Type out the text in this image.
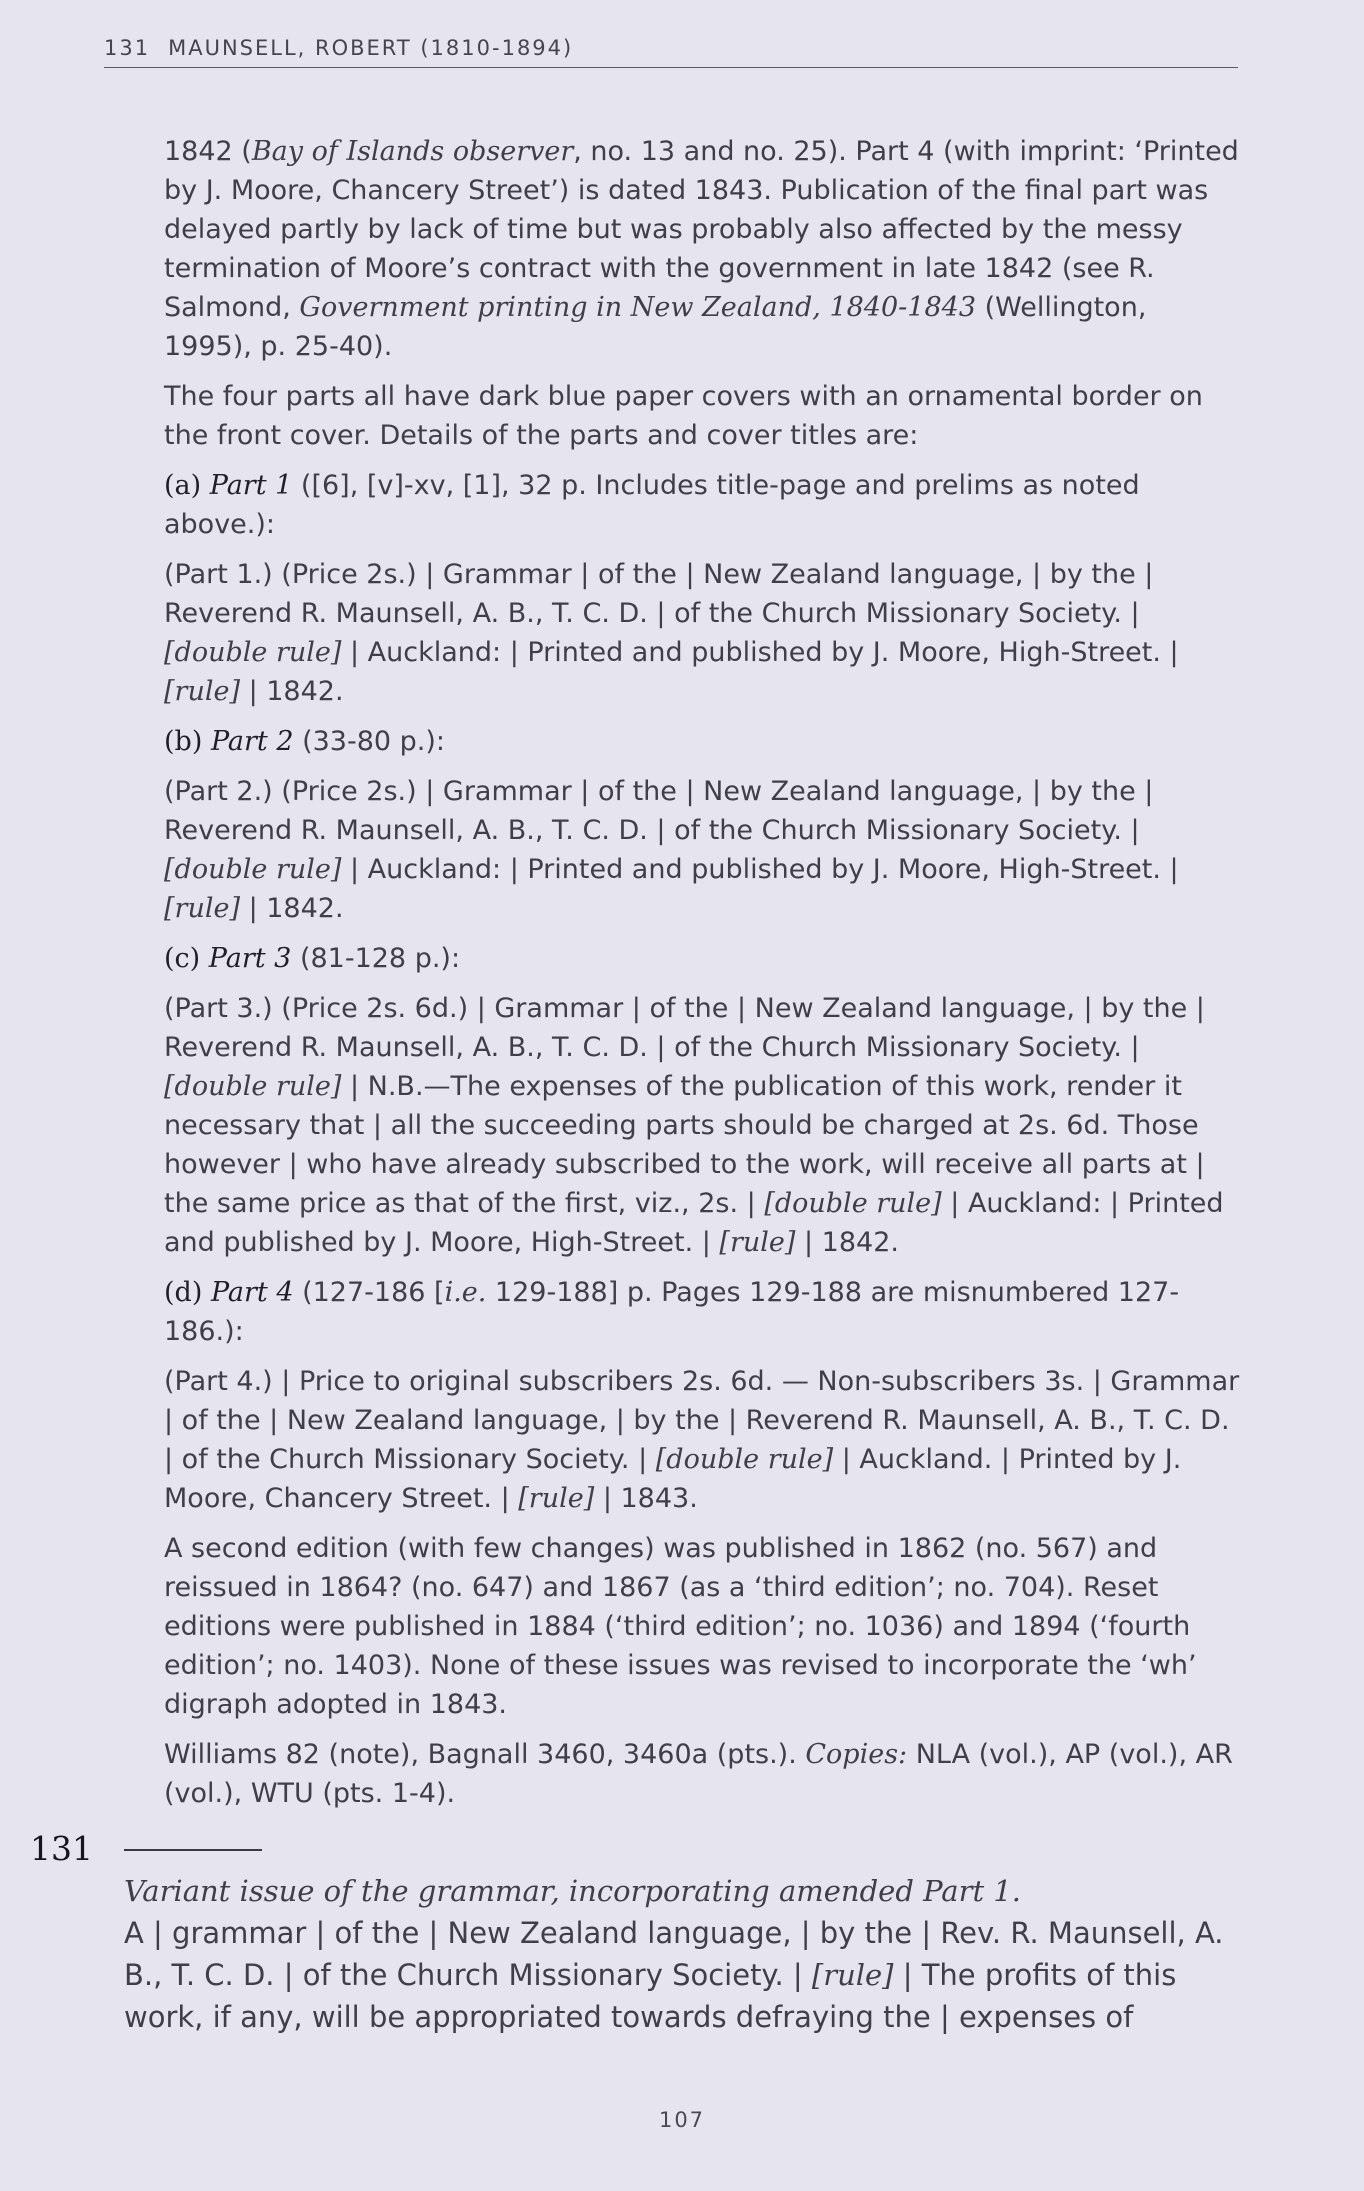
131 MAUNSELL, ROBERT (1810-1894)

1842 (Bay of Islands observer, no. 13 and no. 25). Part 4 (with imprint: ‘Printed by J. Moore, Chancery Street’) is dated 1843. Publication of the final part was delayed partly by lack of time but was probably also affected by the messy termination of Moore’s contract with the government in late 1842 (see R. Salmond, Government printing in New Zealand, 1840-1843 (Wellington, 1995), p. 25-40).

The four parts all have dark blue paper covers with an ornamental border on the front cover. Details of the parts and cover titles are:

(a) Part 1 ([6], [v]-xv, [1], 32 p. Includes title-page and prelims as noted above.):

(Part 1.) (Price 2s.) | Grammar | of the | New Zealand language, | by the | Reverend R. Maunsell, A. B., T. C. D. | of the Church Missionary Society. | [double rule] | Auckland: | Printed and published by J. Moore, High-Street. | [rule] | 1842.

(b) Part 2 (33-80 p.):

(Part 2.) (Price 2s.) | Grammar | of the | New Zealand language, | by the | Reverend R. Maunsell, A. B., T. C. D. | of the Church Missionary Society. | [double rule] | Auckland: | Printed and published by J. Moore, High-Street. | [rule] | 1842.

(c) Part 3 (81-128 p.):

(Part 3.) (Price 2s. 6d.) | Grammar | of the | New Zealand language, | by the | Reverend R. Maunsell, A. B., T. C. D. | of the Church Missionary Society. | [double rule] | N.B.—The expenses of the publication of this work, render it necessary that | all the succeeding parts should be charged at 2s. 6d. Those however | who have already subscribed to the work, will receive all parts at | the same price as that of the first, viz., 2s. | [double rule] | Auckland: | Printed and published by J. Moore, High-Street. | [rule] | 1842.

(d) Part 4 (127-186 [i.e. 129-188] p. Pages 129-188 are misnumbered 127-186.):

(Part 4.) | Price to original subscribers 2s. 6d. — Non-subscribers 3s. | Grammar | of the | New Zealand language, | by the | Reverend R. Maunsell, A. B., T. C. D. | of the Church Missionary Society. | [double rule] | Auckland. | Printed by J. Moore, Chancery Street. | [rule] | 1843.

A second edition (with few changes) was published in 1862 (no. 567) and reissued in 1864? (no. 647) and 1867 (as a ‘third edition’; no. 704). Reset editions were published in 1884 (‘third edition’; no. 1036) and 1894 (‘fourth edition’; no. 1403). None of these issues was revised to incorporate the ‘wh’ digraph adopted in 1843.

Williams 82 (note), Bagnall 3460, 3460a (pts.). Copies: NLA (vol.), AP (vol.), AR (vol.), WTU (pts. 1-4).

131

Variant issue of the grammar, incorporating amended Part 1.

A | grammar | of the | New Zealand language, | by the | Rev. R. Maunsell, A. B., T. C. D. | of the Church Missionary Society. | [rule] | The profits of this work, if any, will be appropriated towards defraying the | expenses of

107
